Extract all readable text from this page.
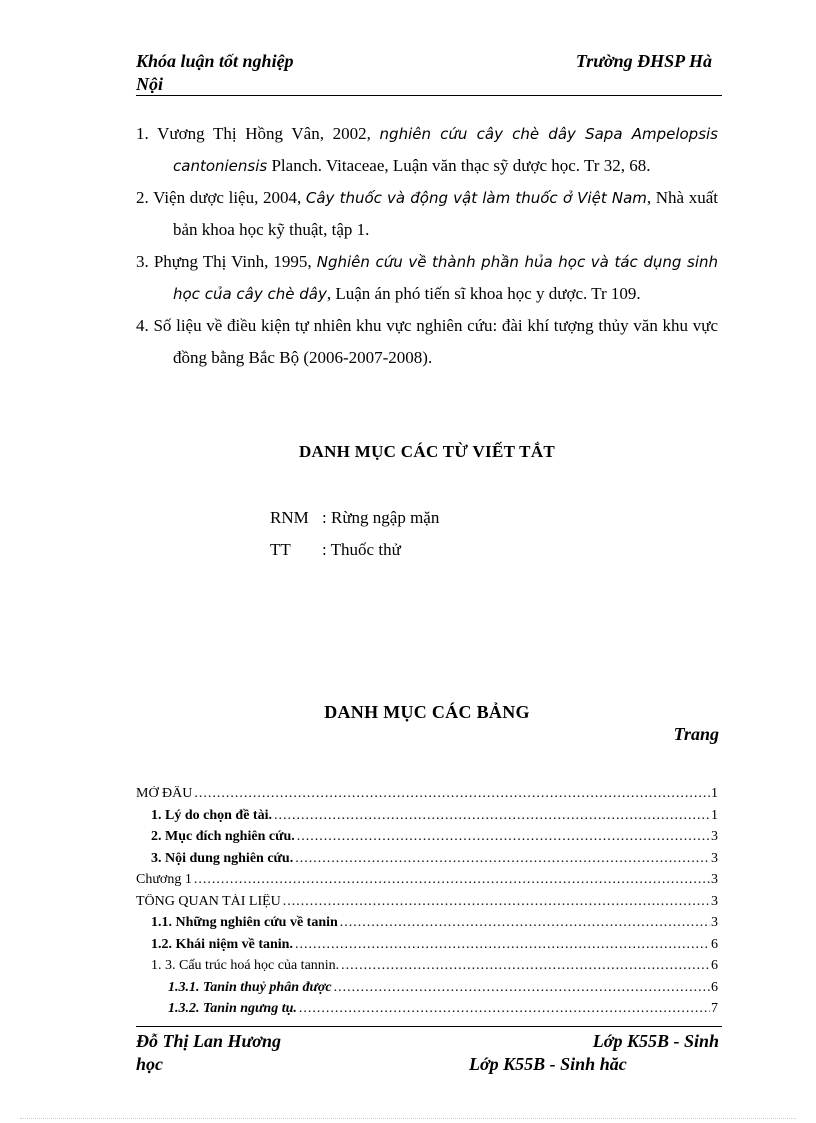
Khóa luận tốt nghiệp	Trường ĐHSP Hà
Nội
1. Vương Thị Hồng Vân, 2002, nghiên cứu cây chè dây Sapa Ampelopsis cantoniensis Planch. Vitaceae, Luận văn thạc sỹ dược học. Tr 32, 68.
2. Viện dược liệu, 2004, Cây thuốc và động vật làm thuốc ở Việt Nam, Nhà xuất bản khoa học kỹ thuật, tập 1.
3. Phựng Thị Vinh, 1995, Nghiên cứu về thành phần hủa học và tác dụng sinh học của cây chè dây, Luận án phó tiến sĩ khoa học y dược. Tr 109.
4. Số liệu về điều kiện tự nhiên khu vực nghiên cứu: đài khí tượng thủy văn khu vực đồng bằng Bắc Bộ (2006-2007-2008).
DANH MỤC CÁC TỪ VIẾT TẮT
RNM : Rừng ngập mặn
TT : Thuốc thử
DANH MỤC CÁC BẢNG
Trang
MỞ ĐẦU .....	1
1. Lý do chọn đề tài. .....	1
2. Mục đích nghiên cứu. .....	3
3. Nội dung nghiên cứu. .....	3
Chương 1 .....	3
TỔNG QUAN TÀI LIỆU .....	3
1.1. Những nghiên cứu về tanin .....	3
1.2. Khái niệm về tanin. .....	6
1. 3. Cấu trúc hoá học của tannin. .....	6
1.3.1. Tanin thuỷ phân được .....	6
1.3.2. Tanin ngưng tụ. .....	7
Đỗ Thị Lan Hương	Lớp K55B - Sinh
học	Lớp K55B - Sinh hăc
